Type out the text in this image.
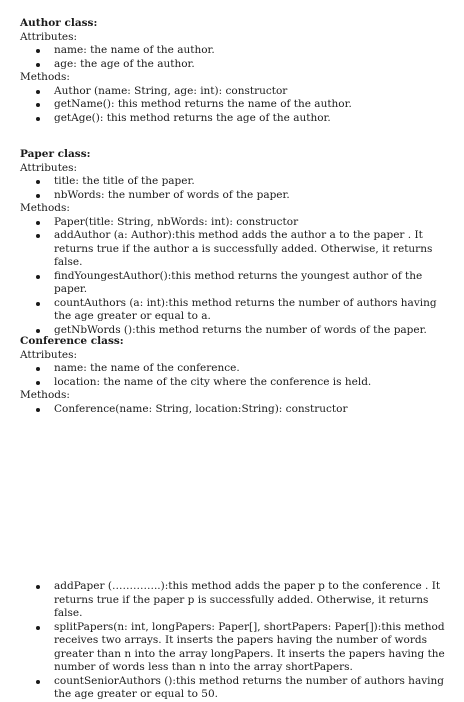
Author class:

Attributes:

name: the name of the author.
age: the age of the author.

Methods:

Author (name: String, age: int): constructor
getName(): this method returns the name of the author.
getAge(): this method returns the age of the author.

Paper class:

Attributes:

title: the title of the paper.
nbWords: the number of words of the paper.

Methods:

Paper(title: String, nbWords: int): constructor
addAuthor (a: Author):this method adds the author a to the paper . It returns true if the author a is successfully added. Otherwise, it returns false.
findYoungestAuthor():this method returns the youngest author of the paper.
countAuthors (a: int):this method returns the number of authors having the age greater or equal to a.
getNbWords ():this method returns the number of words of the paper.

Conference class:

Attributes:

name: the name of the conference.
location: the name of the city where the conference is held.

Methods:

Conference(name: String, location:String): constructor
addPaper (…………..):this method adds the paper p to the conference . It returns true if the paper p is successfully added. Otherwise, it returns false.
splitPapers(n: int, longPapers: Paper[], shortPapers: Paper[]):this method receives two arrays. It inserts the papers having the number of words greater than n into the array longPapers. It inserts the papers having the number of words less than n into the array shortPapers.
countSeniorAuthors ():this method returns the number of authors having the age greater or equal to 50.
